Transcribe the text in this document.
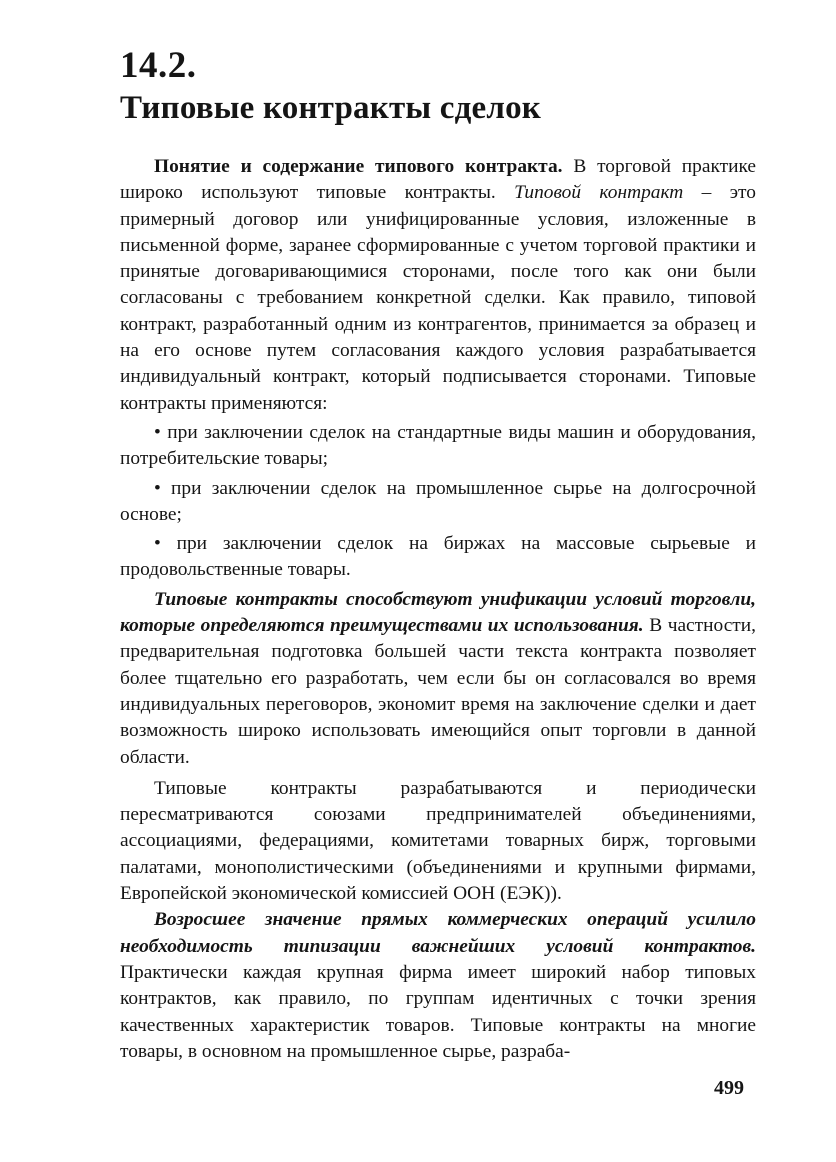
14.2.
Типовые контракты сделок

Понятие и содержание типового контракта. В торговой практике широко используют типовые контракты. Типовой контракт – это примерный договор или унифицированные условия, изложенные в письменной форме, заранее сформированные с учетом торговой практики и принятые договаривающимися сторонами, после того как они были согласованы с требованием конкретной сделки. Как правило, типовой контракт, разработанный одним из контрагентов, принимается за образец и на его основе путем согласования каждого условия разрабатывается индивидуальный контракт, который подписывается сторонами. Типовые контракты применяются:

• при заключении сделок на стандартные виды машин и оборудования, потребительские товары;
• при заключении сделок на промышленное сырье на долгосрочной основе;
• при заключении сделок на биржах на массовые сырьевые и продовольственные товары.

Типовые контракты способствуют унификации условий торговли, которые определяются преимуществами их использования. В частности, предварительная подготовка большей части текста контракта позволяет более тщательно его разработать, чем если бы он согласовался во время индивидуальных переговоров, экономит время на заключение сделки и дает возможность широко использовать имеющийся опыт торговли в данной области.

Типовые контракты разрабатываются и периодически пересматриваются союзами предпринимателей объединениями, ассоциациями, федерациями, комитетами товарных бирж, торговыми палатами, монополистическими (объединениями и крупными фирмами, Европейской экономической комиссией ООН (ЕЭК)).

Возросшее значение прямых коммерческих операций усилило необходимость типизации важнейших условий контрактов. Практически каждая крупная фирма имеет широкий набор типовых контрактов, как правило, по группам идентичных с точки зрения качественных характеристик товаров. Типовые контракты на многие товары, в основном на промышленное сырье, разраба-

499
